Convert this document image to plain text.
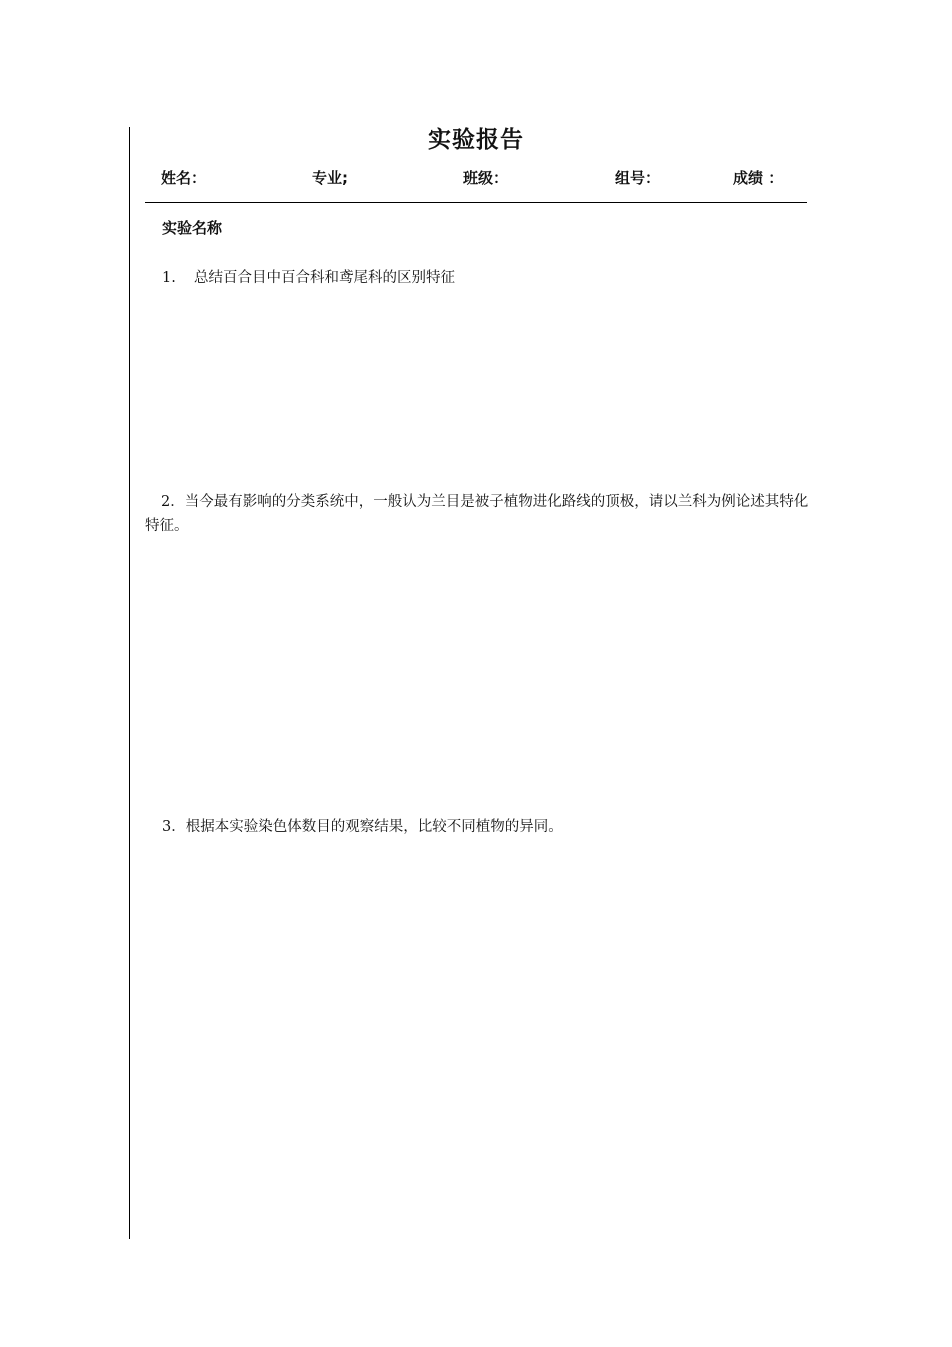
实验报告
姓名：	专业;	班级：	组号：	成绩 ：
实验名称
1. 总结百合目中百合科和鸢尾科的区别特征
2．当今最有影响的分类系统中，一般认为兰目是被子植物进化路线的顶极，请以兰科为例论述其特化特征。
3．根据本实验染色体数目的观察结果，比较不同植物的异同。
